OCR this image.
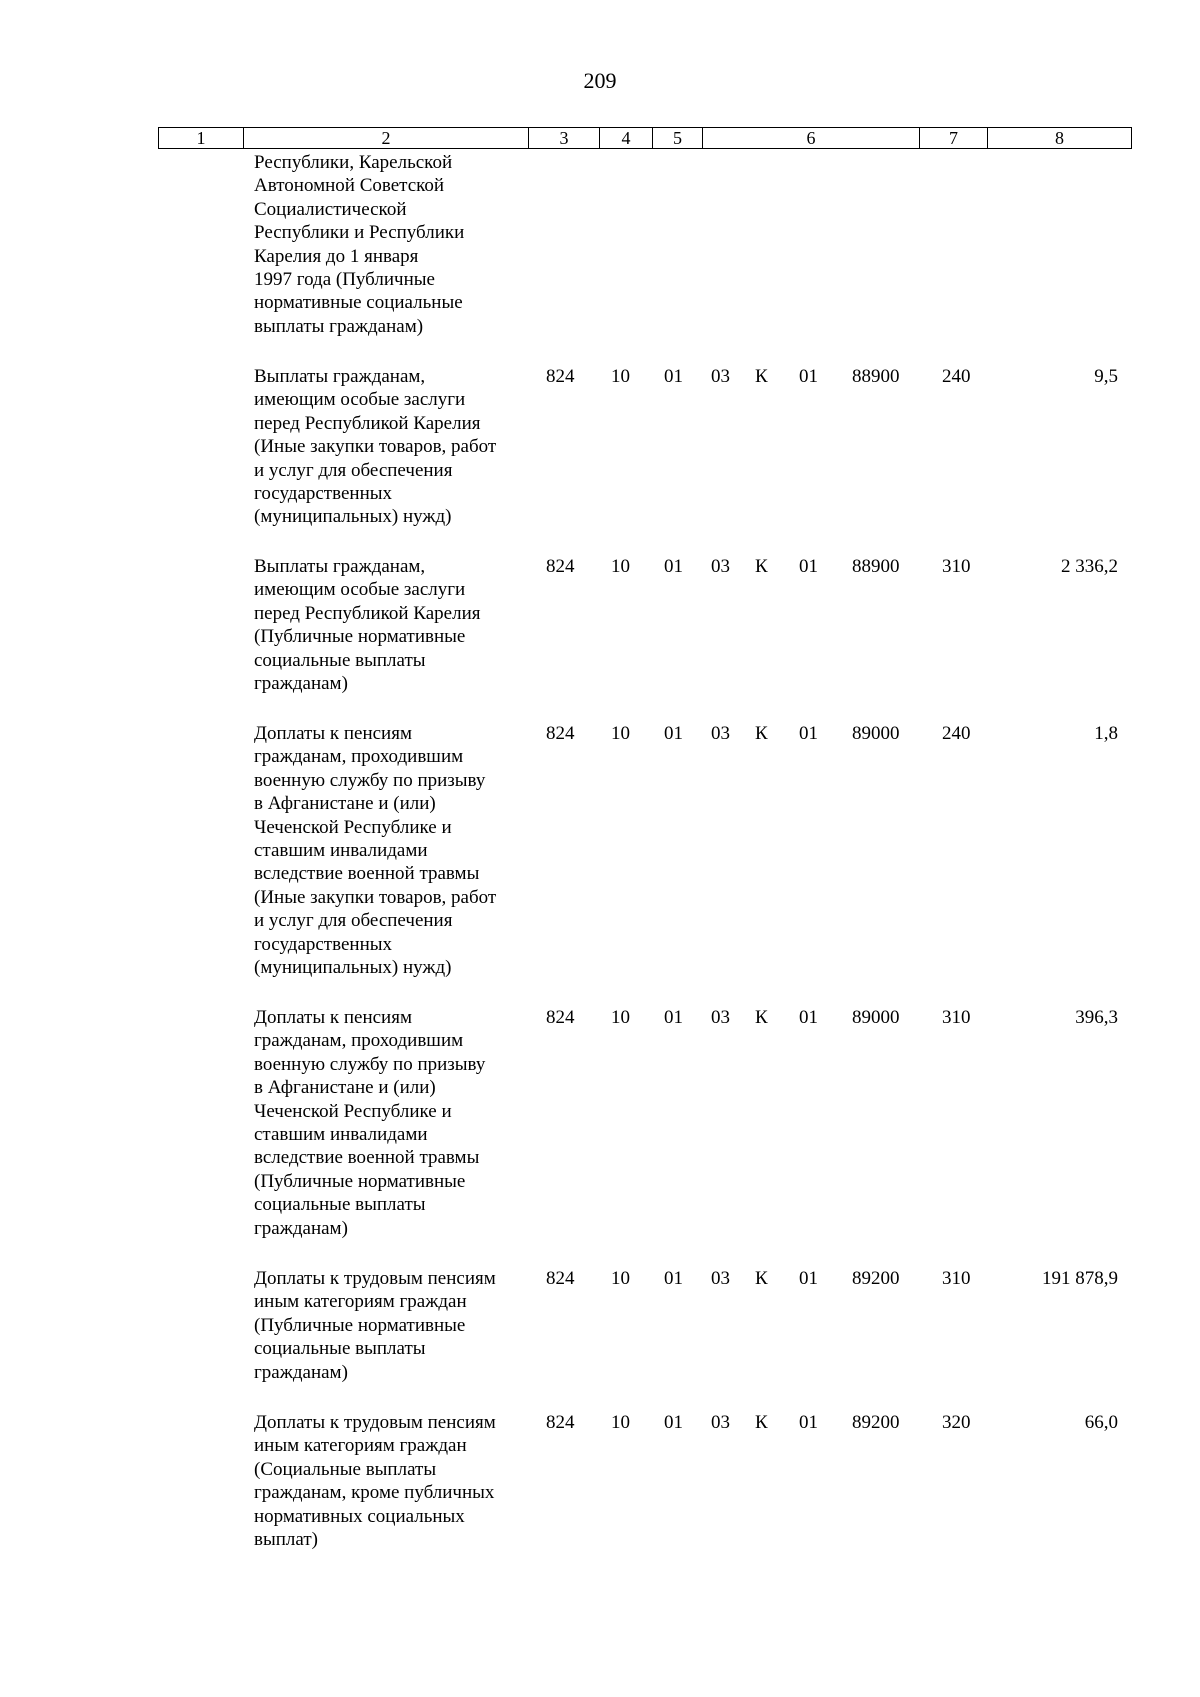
209
1	2	3	4	5	6	7	8
Республики, Карельской
Автономной Советской
Социалистической
Республики и Республики
Карелия до 1 января
1997 года (Публичные
нормативные социальные
выплаты гражданам)
Выплаты гражданам,
имеющим особые заслуги
перед Республикой Карелия
(Иные закупки товаров, работ
и услуг для обеспечения
государственных
(муниципальных) нужд)
824 10 01 03 К 01 88900 240	9,5
Выплаты гражданам,
имеющим особые заслуги
перед Республикой Карелия
(Публичные нормативные
социальные выплаты
гражданам)
824 10 01 03 К 01 88900 310	2 336,2
Доплаты к пенсиям
гражданам, проходившим
военную службу по призыву
в Афганистане и (или)
Чеченской Республике и
ставшим инвалидами
вследствие военной травмы
(Иные закупки товаров, работ
и услуг для обеспечения
государственных
(муниципальных) нужд)
824 10 01 03 К 01 89000 240	1,8
Доплаты к пенсиям
гражданам, проходившим
военную службу по призыву
в Афганистане и (или)
Чеченской Республике и
ставшим инвалидами
вследствие военной травмы
(Публичные нормативные
социальные выплаты
гражданам)
824 10 01 03 К 01 89000 310	396,3
Доплаты к трудовым пенсиям
иным категориям граждан
(Публичные нормативные
социальные выплаты
гражданам)
824 10 01 03 К 01 89200 310	191 878,9
Доплаты к трудовым пенсиям
иным категориям граждан
(Социальные выплаты
гражданам, кроме публичных
нормативных социальных
выплат)
824 10 01 03 К 01 89200 320	66,0
